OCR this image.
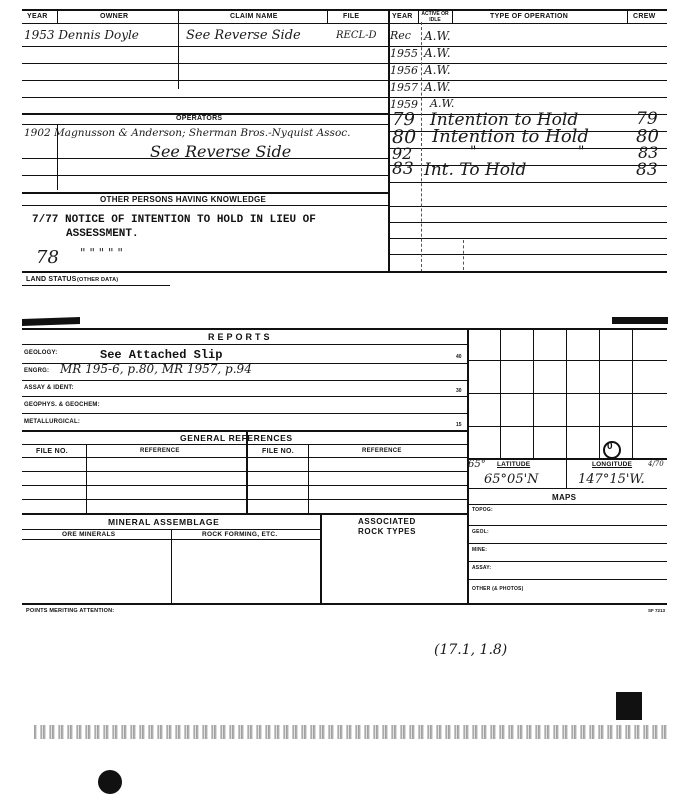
YEAR	OWNER	CLAIM NAME	FILE	YEAR ACTIVE OR IDLE	TYPE OF OPERATION	CREW
1953 Dennis Doyle	See Reverse Side	RECL-D Rec A.W.
1955 A.W.
1956 A.W.
1957 A.W.
1959 A.W.
79 Intention to Hold	79
80 Intention to Hold	80
92	"	"	83
83 Int. To Hold	83
OPERATORS
1902 Magnusson & Anderson; Sherman Bros.-Nyquist Assoc.
See Reverse Side
OTHER PERSONS HAVING KNOWLEDGE
7/77 NOTICE OF INTENTION TO HOLD IN LIEU OF
ASSESSMENT.
78 " " " " "
LAND STATUS (OTHER DATA)
REPORTS
GEOLOGY:	See Attached Slip	40
ENGRG: MR 195-6, p.80, MR 1957, p.94
ASSAY & IDENT:	30
GEOPHYS. & GEOCHEM:
METALLURGICAL:	15
GENERAL REFERENCES
FILE NO.	REFERENCE	FILE NO.	REFERENCE	0
65° LATITUDE	LONGITUDE 4/70
65°05'N	147°15'W.
MAPS
TOPOG:
GEOL:
MINE:
ASSAY:
OTHER (& PHOTOS)
MINERAL ASSEMBLAGE
ORE MINERALS	ROCK FORMING, ETC.
ASSOCIATED
ROCK TYPES
POINTS MERITING ATTENTION:	SF 7213
(17.1, 1.8)
